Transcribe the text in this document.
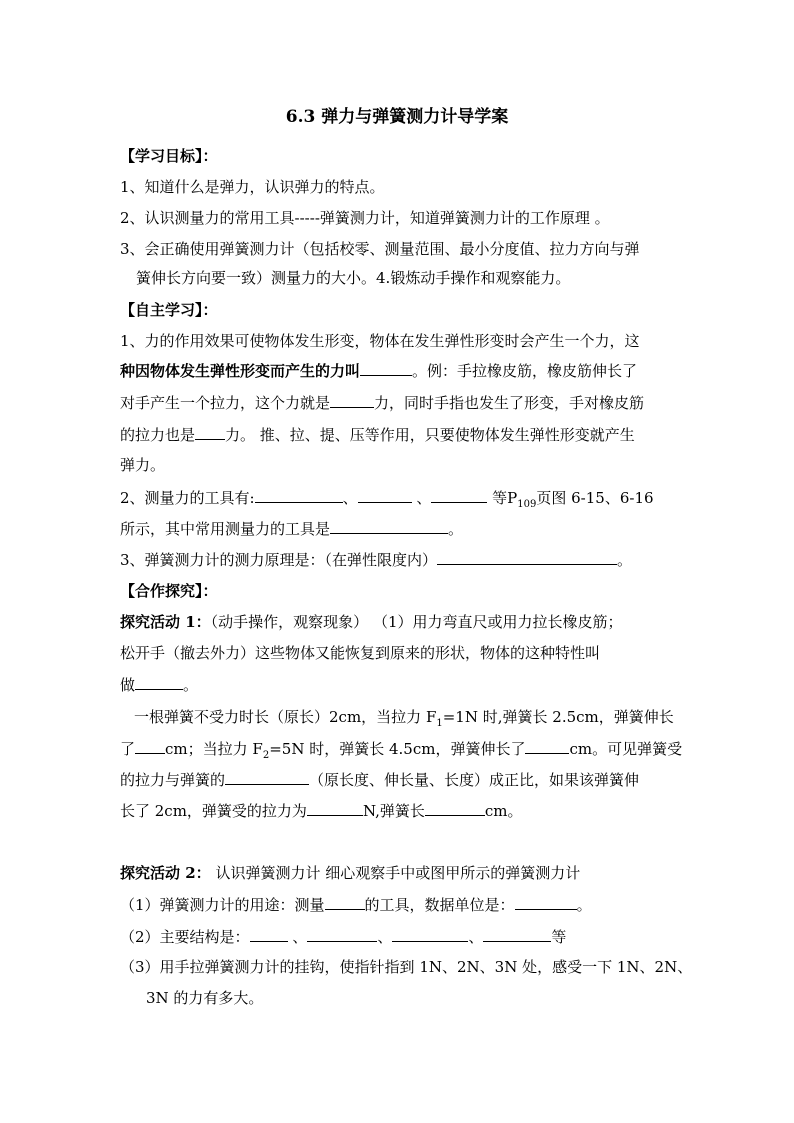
6.3 弹力与弹簧测力计导学案
【学习目标】：
1、知道什么是弹力，认识弹力的特点。
2、认识测量力的常用工具-----弹簧测力计，知道弹簧测力计的工作原理 。
3、会正确使用弹簧测力计（包括校零、测量范围、最小分度值、拉力方向与弹
簧伸长方向要一致）测量力的大小。4.锻炼动手操作和观察能力。
【自主学习】：
1、力的作用效果可使物体发生形变，物体在发生弹性形变时会产生一个力，这
种因物体发生弹性形变而产生的力叫	。例：手拉橡皮筋，橡皮筋伸长了
对手产生一个拉力，这个力就是	力，同时手指也发生了形变，手对橡皮筋
的拉力也是 力。 推、拉、提、压等作用，只要使物体发生弹性形变就产生
弹力。
2、测量力的工具有:	、	、	等$P_{109}$页图 6-15、6-16
所示，其中常用测量力的工具是	。
3、弹簧测力计的测力原理是：（在弹性限度内）	。
【合作探究】：
探究活动 1：（动手操作，观察现象） （1）用力弯直尺或用力拉长橡皮筋；
松开手（撤去外力）这些物体又能恢复到原来的形状，物体的这种特性叫
做	。
一根弹簧不受力时长（原长）2cm，当拉力 $F_1=1N$ 时,弹簧长 2.5cm，弹簧伸长
了 cm；当拉力 $F_2=5N$ 时，弹簧长 4.5cm，弹簧伸长了	cm。可见弹簧受
的拉力与弹簧的	（原长度、伸长量、长度）成正比，如果该弹簧伸
长了 2cm，弹簧受的拉力为	N,弹簧长	cm。
探究活动 2： 认识弹簧测力计 细心观察手中或图甲所示的弹簧测力计
（1）弹簧测力计的用途：测量	的工具，数据单位是：	。
（2）主要结构是：	、	、	、	等
（3）用手拉弹簧测力计的挂钩，使指针指到 1N、2N、3N 处，感受一下 1N、2N、
3N 的力有多大。
